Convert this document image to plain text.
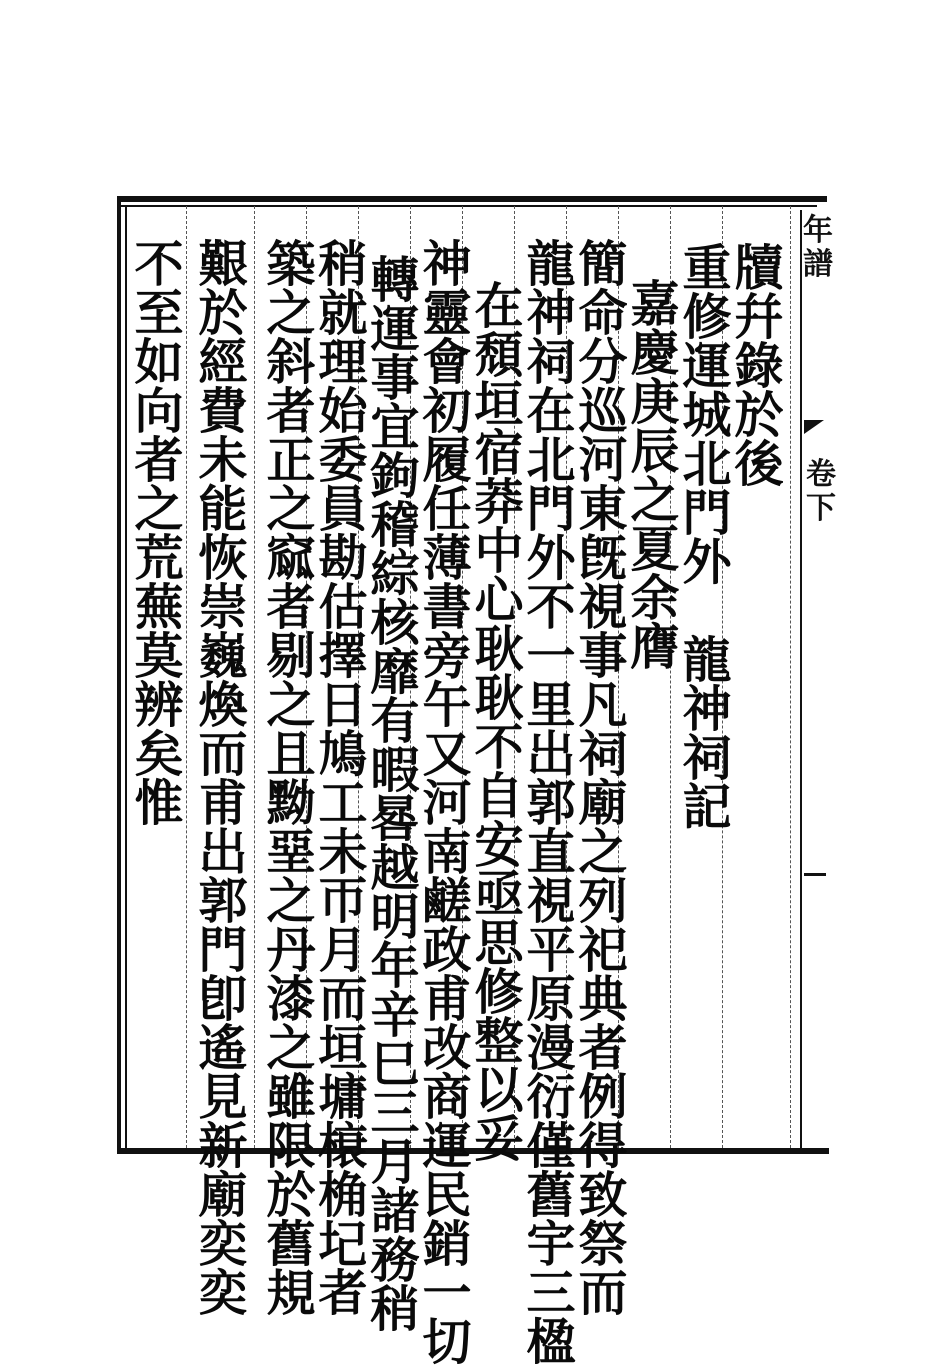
年譜
卷下
牘
幷
錄
於
後
重
修
運
城
北
門
外

龍
神
祠
記
嘉
慶
庚
辰
之
夏
余
膺
簡
命
分
巡
河
東
旣
視
事
凡
祠
廟
之
列
祀
典
者
例
得
致
祭
而
龍
神
祠
在
北
門
外
不
一
里
出
郭
直
視
平
原
漫
衍
僅
舊
宇
三
楹
在
頹
垣
宿
莽
中
心
耿
耿
不
自
安
亟
思
修
整
以
妥
神
靈
會
初
履
任
薄
書
旁
午
又
河
南
鹺
政
甫
改
商
運
民
銷
一
切
轉
運
事
宜
鉤
稽
綜
核
靡
有
暇
晷
越
明
年
辛
巳
三
月
諸
務
稍
稍
就
理
始
委
員
勘
估
擇
日
鳩
工
未
帀
月
而
垣
墉
榱
桷
圮
者
築
之
斜
者
正
之
窳
者
剔
之
且
黝
堊
之
丹
漆
之
雖
限
於
舊
規
艱
於
經
費
未
能
恢
崇
巍
煥
而
甫
出
郭
門
卽
遙
見
新
廟
奕
奕
不
至
如
向
者
之
荒
蕪
莫
辨
矣
惟
